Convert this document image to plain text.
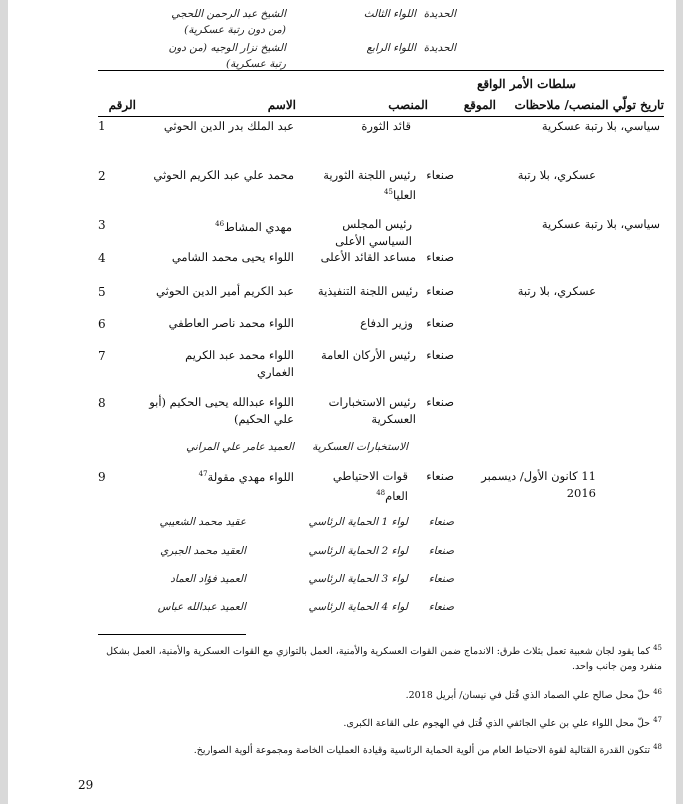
الشيخ عبد الرحمن اللحجي
(من دون رتبة عسكرية)
اللواء الثالث الحديدة
الشيخ نزار الوجيه (من دون
رتبة عسكرية)
اللواء الرابع الحديدة
سلطات الأمر الواقع
تاريخ تولّي المنصب/ ملاحظات
الموقع
المنصب
الاسم
الرقم
سياسي، بلا رتبة عسكرية
قائد الثورة
عبد الملك بدر الدين الحوثي
1
عسكري، بلا رتبة
صنعاء
رئيس اللجنة الثورية
العليا$^{45}$
محمد علي عبد الكريم الحوثي
2
سياسي، بلا رتبة عسكرية
رئيس المجلس
السياسي الأعلى
مهدي المشاط$^{46}$
3
صنعاء
مساعد القائد الأعلى
اللواء يحيى محمد الشامي
4
عسكري، بلا رتبة
صنعاء
رئيس اللجنة التنفيذية
عبد الكريم أمير الدين الحوثي
5
صنعاء
وزير الدفاع
اللواء محمد ناصر العاطفي
6
صنعاء
رئيس الأركان العامة
اللواء محمد عبد الكريم
الغماري
7
صنعاء
رئيس الاستخبارات
العسكرية
اللواء عبدالله يحيى الحكيم (أبو
علي الحكيم)
8
الاستخبارات العسكرية
العميد عامر علي المراني
11 كانون الأول/ ديسمبر
2016
صنعاء
قوات الاحتياطي
العام$^{48}$
اللواء مهدي مقولة$^{47}$
9
صنعاء
لواء 1 الحماية الرئاسي
عقيد محمد الشعيبي
صنعاء
لواء 2 الحماية الرئاسي
العقيد محمد الجبري
صنعاء
لواء 3 الحماية الرئاسي
العميد فؤاد العماد
صنعاء
لواء 4 الحماية الرئاسي
العميد عبدالله عباس
$^{45}$ كما يقود لجان شعبية تعمل بثلاث طرق: الاندماج ضمن القوات العسكرية والأمنية، العمل بالتوازي مع القوات العسكرية والأمنية، العمل بشكل منفرد ومن جانب واحد.
$^{46}$ حلّ محل صالح علي الصماد الذي قُتل في نيسان/ أبريل 2018.
$^{47}$ حلّ محل اللواء علي بن علي الجائفي الذي قُتل في الهجوم على القاعة الكبرى.
$^{48}$ تتكون القدرة القتالية لقوة الاحتياط العام من ألوية الحماية الرئاسية وقيادة العمليات الخاصة ومجموعة ألوية الصواريخ.
29
